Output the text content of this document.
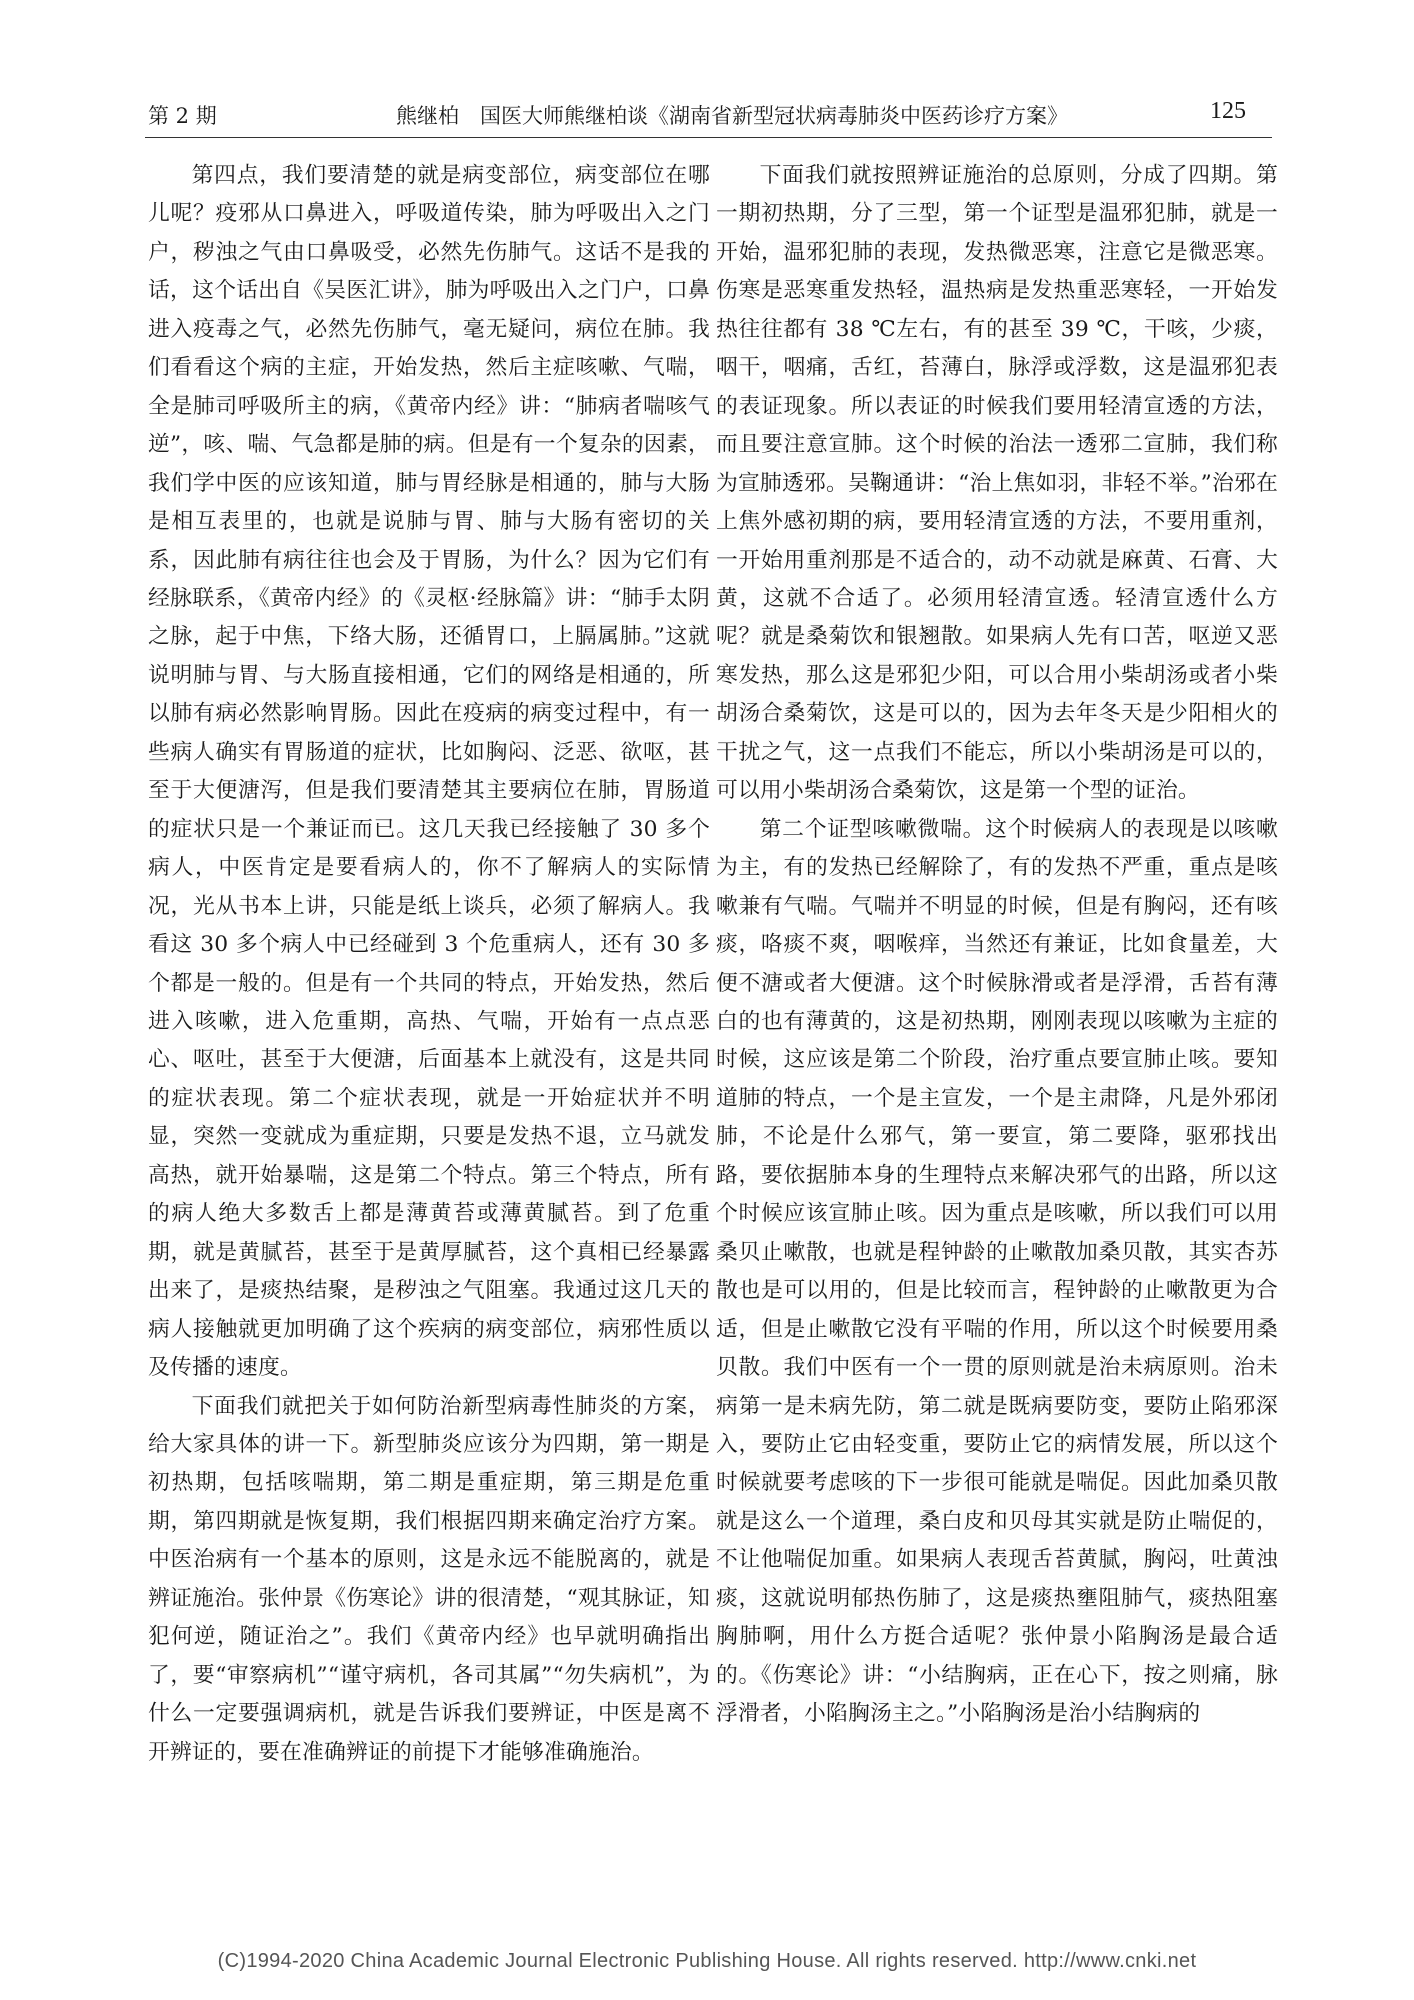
第 2 期	熊继柏　国医大师熊继柏谈《湖南省新型冠状病毒肺炎中医药诊疗方案》	125

第四点，我们要清楚的就是病变部位，病变部位在哪儿呢？疫邪从口鼻进入，呼吸道传染，肺为呼吸出入之门户，秽浊之气由口鼻吸受，必然先伤肺气。这话不是我的话，这个话出自《吴医汇讲》，肺为呼吸出入之门户，口鼻进入疫毒之气，必然先伤肺气，毫无疑问，病位在肺。我们看看这个病的主症，开始发热，然后主症咳嗽、气喘，全是肺司呼吸所主的病，《黄帝内经》讲：“肺病者喘咳气逆”，咳、喘、气急都是肺的病。但是有一个复杂的因素，我们学中医的应该知道，肺与胃经脉是相通的，肺与大肠是相互表里的，也就是说肺与胃、肺与大肠有密切的关系，因此肺有病往往也会及于胃肠，为什么？因为它们有经脉联系，《黄帝内经》的《灵枢·经脉篇》讲：“肺手太阴之脉，起于中焦，下络大肠，还循胃口，上膈属肺。”这就说明肺与胃、与大肠直接相通，它们的网络是相通的，所以肺有病必然影响胃肠。因此在疫病的病变过程中，有一些病人确实有胃肠道的症状，比如胸闷、泛恶、欲呕，甚至于大便溏泻，但是我们要清楚其主要病位在肺，胃肠道的症状只是一个兼证而已。这几天我已经接触了 30 多个病人，中医肯定是要看病人的，你不了解病人的实际情况，光从书本上讲，只能是纸上谈兵，必须了解病人。我看这 30 多个病人中已经碰到 3 个危重病人，还有 30 多个都是一般的。但是有一个共同的特点，开始发热，然后进入咳嗽，进入危重期，高热、气喘，开始有一点点恶心、呕吐，甚至于大便溏，后面基本上就没有，这是共同的症状表现。第二个症状表现，就是一开始症状并不明显，突然一变就成为重症期，只要是发热不退，立马就发高热，就开始暴喘，这是第二个特点。第三个特点，所有的病人绝大多数舌上都是薄黄苔或薄黄腻苔。到了危重期，就是黄腻苔，甚至于是黄厚腻苔，这个真相已经暴露出来了，是痰热结聚，是秽浊之气阻塞。我通过这几天的病人接触就更加明确了这个疾病的病变部位，病邪性质以及传播的速度。

下面我们就把关于如何防治新型病毒性肺炎的方案，给大家具体的讲一下。新型肺炎应该分为四期，第一期是初热期，包括咳喘期，第二期是重症期，第三期是危重期，第四期就是恢复期，我们根据四期来确定治疗方案。中医治病有一个基本的原则，这是永远不能脱离的，就是辨证施治。张仲景《伤寒论》讲的很清楚，“观其脉证，知犯何逆，随证治之”。我们《黄帝内经》也早就明确指出了，要“审察病机”“谨守病机，各司其属”“勿失病机”，为什么一定要强调病机，就是告诉我们要辨证，中医是离不开辨证的，要在准确辨证的前提下才能够准确施治。

下面我们就按照辨证施治的总原则，分成了四期。第一期初热期，分了三型，第一个证型是温邪犯肺，就是一开始，温邪犯肺的表现，发热微恶寒，注意它是微恶寒。伤寒是恶寒重发热轻，温热病是发热重恶寒轻，一开始发热往往都有 38 ℃左右，有的甚至 39 ℃，干咳，少痰，咽干，咽痛，舌红，苔薄白，脉浮或浮数，这是温邪犯表的表证现象。所以表证的时候我们要用轻清宣透的方法，而且要注意宣肺。这个时候的治法一透邪二宣肺，我们称为宣肺透邪。吴鞠通讲：“治上焦如羽，非轻不举。”治邪在上焦外感初期的病，要用轻清宣透的方法，不要用重剂，一开始用重剂那是不适合的，动不动就是麻黄、石膏、大黄，这就不合适了。必须用轻清宣透。轻清宣透什么方呢？就是桑菊饮和银翘散。如果病人先有口苦，呕逆又恶寒发热，那么这是邪犯少阳，可以合用小柴胡汤或者小柴胡汤合桑菊饮，这是可以的，因为去年冬天是少阳相火的干扰之气，这一点我们不能忘，所以小柴胡汤是可以的，可以用小柴胡汤合桑菊饮，这是第一个型的证治。

第二个证型咳嗽微喘。这个时候病人的表现是以咳嗽为主，有的发热已经解除了，有的发热不严重，重点是咳嗽兼有气喘。气喘并不明显的时候，但是有胸闷，还有咳痰，咯痰不爽，咽喉痒，当然还有兼证，比如食量差，大便不溏或者大便溏。这个时候脉滑或者是浮滑，舌苔有薄白的也有薄黄的，这是初热期，刚刚表现以咳嗽为主症的时候，这应该是第二个阶段，治疗重点要宣肺止咳。要知道肺的特点，一个是主宣发，一个是主肃降，凡是外邪闭肺，不论是什么邪气，第一要宣，第二要降，驱邪找出路，要依据肺本身的生理特点来解决邪气的出路，所以这个时候应该宣肺止咳。因为重点是咳嗽，所以我们可以用桑贝止嗽散，也就是程钟龄的止嗽散加桑贝散，其实杏苏散也是可以用的，但是比较而言，程钟龄的止嗽散更为合适，但是止嗽散它没有平喘的作用，所以这个时候要用桑贝散。我们中医有一个一贯的原则就是治未病原则。治未病第一是未病先防，第二就是既病要防变，要防止陷邪深入，要防止它由轻变重，要防止它的病情发展，所以这个时候就要考虑咳的下一步很可能就是喘促。因此加桑贝散就是这么一个道理，桑白皮和贝母其实就是防止喘促的，不让他喘促加重。如果病人表现舌苔黄腻，胸闷，吐黄浊痰，这就说明郁热伤肺了，这是痰热壅阻肺气，痰热阻塞胸肺啊，用什么方挺合适呢？张仲景小陷胸汤是最合适的。《伤寒论》讲：“小结胸病，正在心下，按之则痛，脉浮滑者，小陷胸汤主之。”小陷胸汤是治小结胸病的

(C)1994-2020 China Academic Journal Electronic Publishing House. All rights reserved. http://www.cnki.net
